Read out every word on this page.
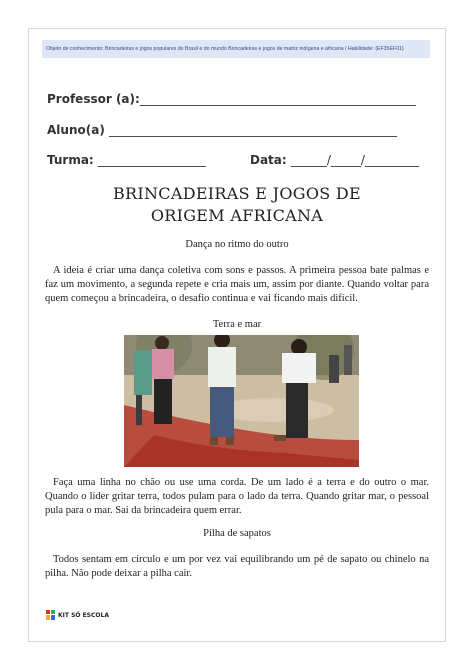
Objeto de conhecimento: Brincadeiras e jogos populares do Brasil e do mundo Brincadeiras e jogos de matriz indígena e africana / Habilidade: (EF35EF01)
Professor (a):______________________________________________
Aluno(a) ________________________________________________
Turma: __________________	Data: ______/_____/_________
BRINCADEIRAS E JOGOS DE
ORIGEM AFRICANA
Dança no ritmo do outro
A ideia é criar uma dança coletiva com sons e passos. A primeira pessoa bate palmas e faz um movimento, a segunda repete e cria mais um, assim por diante. Quando voltar para quem começou a brincadeira, o desafio continua e vai ficando mais difícil.
Terra e mar
Faça uma linha no chão ou use uma corda. De um lado é a terra e do outro o mar. Quando o líder gritar terra, todos pulam para o lado da terra. Quando gritar mar, o pessoal pula para o mar. Sai da brincadeira quem errar.
Pilha de sapatos
Todos sentam em círculo e um por vez vai equilibrando um pé de sapato ou chinelo na pilha. Não pode deixar a pilha cair.
KIT SÓ ESCOLA
